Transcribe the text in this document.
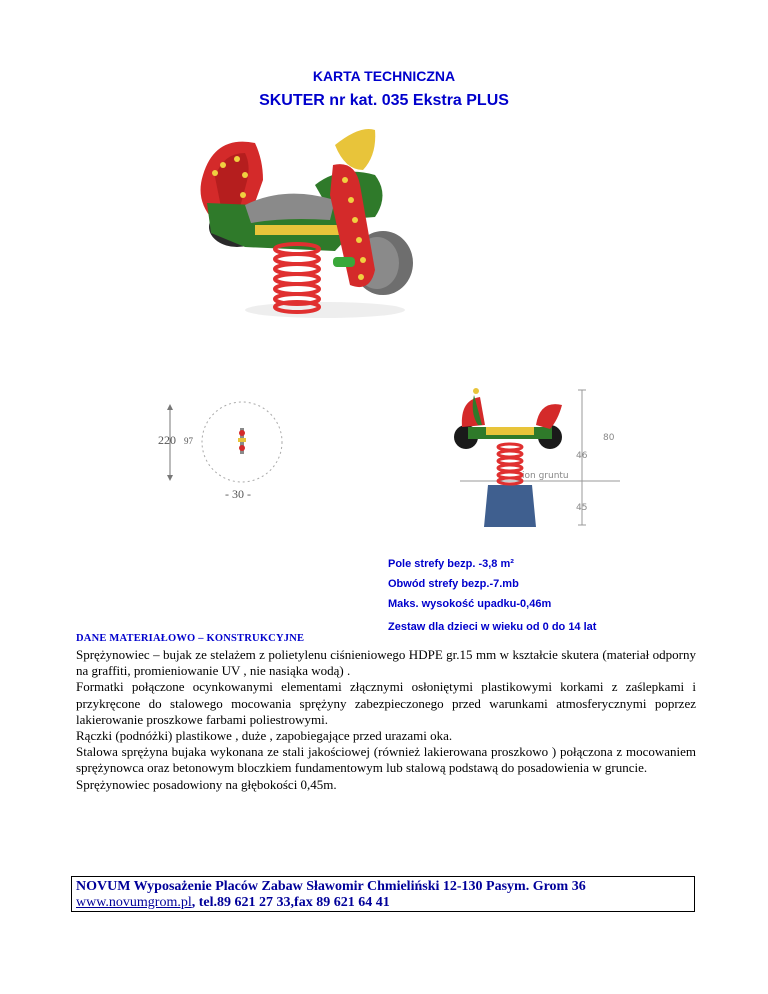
KARTA TECHNICZNA
SKUTER nr kat. 035 Ekstra PLUS
220 97
- 30 -
80
46
ion gruntu
45
Pole strefy bezp. -3,8 m²
Obwód strefy bezp.-7.mb
Maks. wysokość upadku-0,46m
Zestaw dla dzieci w wieku od 0 do 14 lat
DANE MATERIAŁOWO – KONSTRUKCYJNE

Sprężynowiec – bujak ze stelażem z polietylenu ciśnieniowego HDPE gr.15 mm w kształcie skutera (materiał odporny na graffiti, promieniowanie UV , nie nasiąka wodą) .

Formatki połączone ocynkowanymi elementami złącznymi osłoniętymi plastikowymi korkami z zaślepkami i przykręcone do stalowego mocowania sprężyny zabezpieczonego przed warunkami atmosferycznymi poprzez lakierowanie proszkowe farbami poliestrowymi.

Rączki (podnóżki) plastikowe , duże , zapobiegające przed urazami oka.

Stalowa sprężyna bujaka wykonana ze stali jakościowej (również lakierowana proszkowo ) połączona z mocowaniem sprężynowca oraz betonowym bloczkiem fundamentowym lub stalową podstawą do posadowienia w gruncie.

Sprężynowiec posadowiony na głębokości 0,45m.

NOVUM Wyposażenie Placów Zabaw Sławomir Chmieliński 12-130 Pasym. Grom 36
www.novumgrom.pl, tel.89 621 27 33,fax 89 621 64 41
